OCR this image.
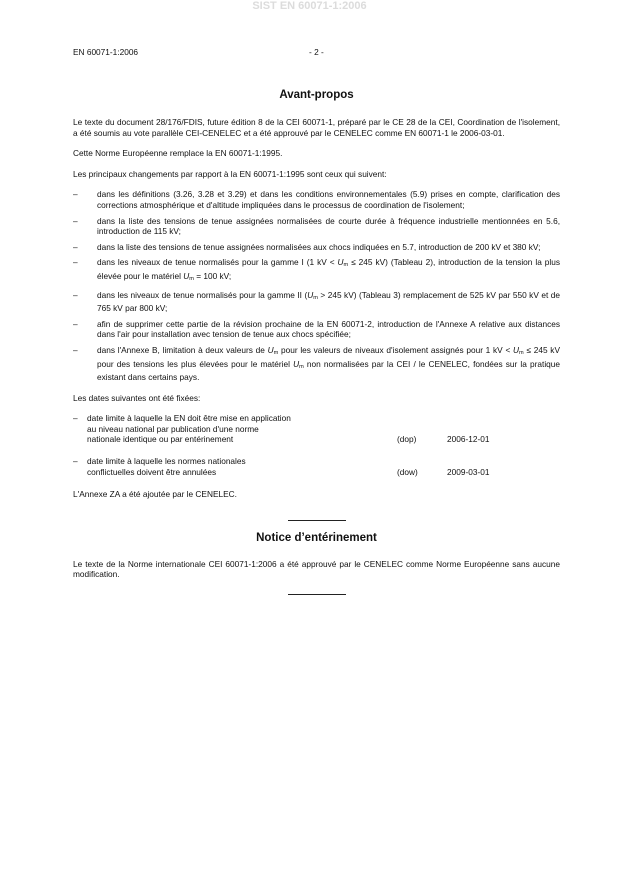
SIST EN 60071-1:2006
EN 60071-1:2006	- 2 -
Avant-propos

Le texte du document 28/176/FDIS, future édition 8 de la CEI 60071-1, préparé par le CE 28 de la CEI, Coordination de l'isolement, a été soumis au vote parallèle CEI-CENELEC et a été approuvé par le CENELEC comme EN 60071-1 le 2006-03-01.

Cette Norme Européenne remplace la EN 60071-1:1995.

Les principaux changements par rapport à la EN 60071-1:1995 sont ceux qui suivent:

– dans les définitions (3.26, 3.28 et 3.29) et dans les conditions environnementales (5.9) prises en compte, clarification des corrections atmosphérique et d'altitude impliquées dans le processus de coordination de l'isolement;
– dans la liste des tensions de tenue assignées normalisées de courte durée à fréquence industrielle mentionnées en 5.6, introduction de 115 kV;
– dans la liste des tensions de tenue assignées normalisées aux chocs indiquées en 5.7, introduction de 200 kV et 380 kV;
– dans les niveaux de tenue normalisés pour la gamme I (1 kV < Um ≤ 245 kV) (Tableau 2), introduction de la tension la plus élevée pour le matériel Um = 100 kV;
– dans les niveaux de tenue normalisés pour la gamme II (Um > 245 kV) (Tableau 3) remplacement de 525 kV par 550 kV et de 765 kV par 800 kV;
– afin de supprimer cette partie de la révision prochaine de la EN 60071-2, introduction de l'Annexe A relative aux distances dans l'air pour installation avec tension de tenue aux chocs spécifiée;
– dans l'Annexe B, limitation à deux valeurs de Um pour les valeurs de niveaux d'isolement assignés pour 1 kV < Um ≤ 245 kV pour des tensions les plus élevées pour le matériel Um non normalisées par la CEI / le CENELEC, fondées sur la pratique existant dans certains pays.

Les dates suivantes ont été fixées:

– date limite à laquelle la EN doit être mise en application
au niveau national par publication d'une norme
nationale identique ou par entérinement	(dop)	2006-12-01
– date limite à laquelle les normes nationales
conflictuelles doivent être annulées	(dow)	2009-03-01

L'Annexe ZA a été ajoutée par le CENELEC.

Notice d’entérinement

Le texte de la Norme internationale CEI 60071-1:2006 a été approuvé par le CENELEC comme Norme Européenne sans aucune modification.
